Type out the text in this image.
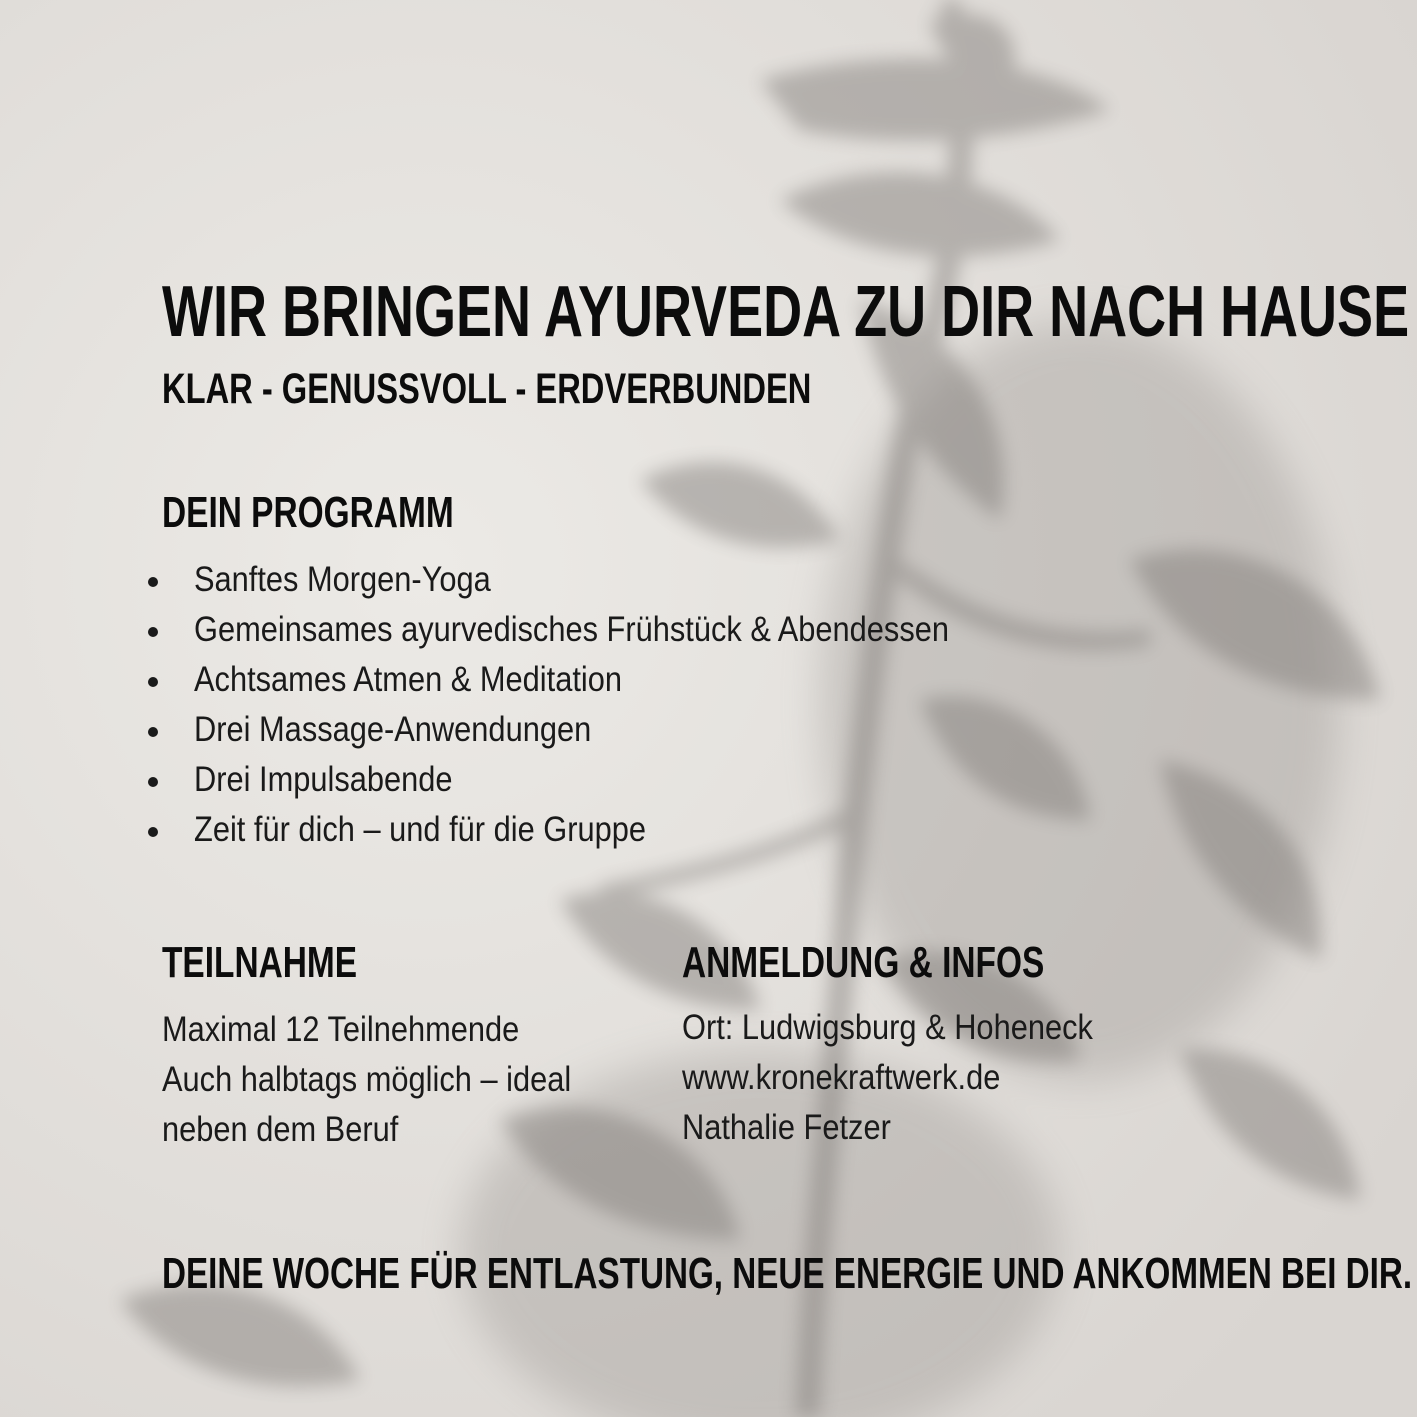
WIR BRINGEN AYURVEDA ZU DIR NACH HAUSE
KLAR - GENUSSVOLL - ERDVERBUNDEN
DEIN PROGRAMM
Sanftes Morgen-Yoga
Gemeinsames ayurvedisches Frühstück & Abendessen
Achtsames Atmen & Meditation
Drei Massage-Anwendungen
Drei Impulsabende
Zeit für dich – und für die Gruppe
TEILNAHME
Maximal 12 Teilnehmende
Auch halbtags möglich – ideal
neben dem Beruf
ANMELDUNG & INFOS
Ort: Ludwigsburg & Hoheneck
www.kronekraftwerk.de
Nathalie Fetzer
DEINE WOCHE FÜR ENTLASTUNG, NEUE ENERGIE UND ANKOMMEN BEI DIR.
